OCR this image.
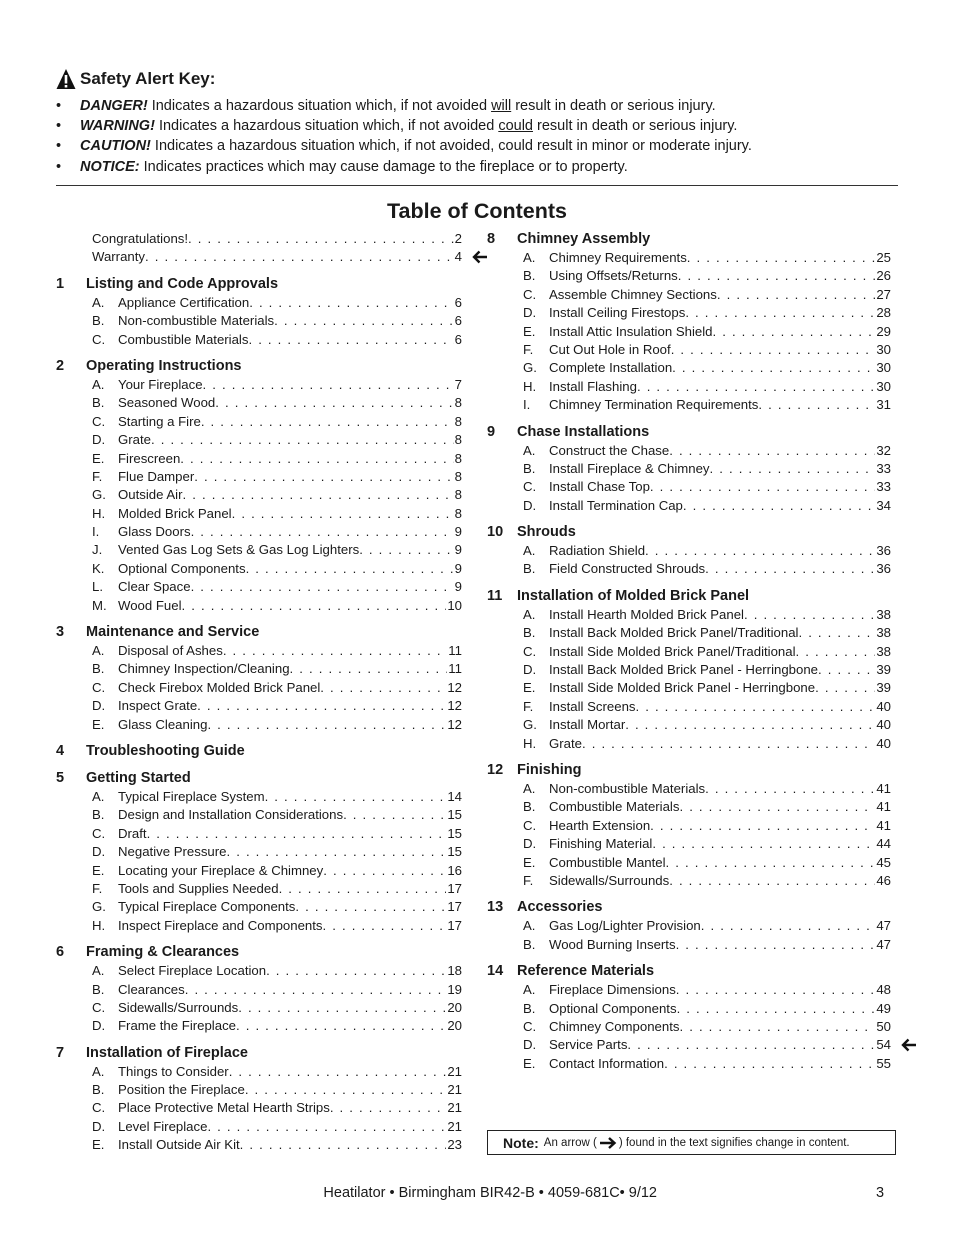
Safety Alert Key:
• DANGER! Indicates a hazardous situation which, if not avoided will result in death or serious injury.
• WARNING! Indicates a hazardous situation which, if not avoided could result in death or serious injury.
• CAUTION! Indicates a hazardous situation which, if not avoided, could result in minor or moderate injury.
• NOTICE: Indicates practices which may cause damage to the fireplace or to property.
Table of Contents
Congratulations! . . .	2
Warranty . . .	4
1	Listing and Code Approvals
A. Appliance Certification . . .	6
B. Non-combustible Materials . . .	6
C. Combustible Materials . . .	6
2	Operating Instructions
A. Your Fireplace . . .	7
B. Seasoned Wood . . .	8
C. Starting a Fire . . .	8
D. Grate . . .	8
E. Firescreen . . .	8
F. Flue Damper . . .	8
G. Outside Air . . .	8
H. Molded Brick Panel . . .	8
I. Glass Doors . . .	9
J. Vented Gas Log Sets & Gas Log Lighters . . .	9
K. Optional Components . . .	9
L. Clear Space . . .	9
M. Wood Fuel . . .	10
3	Maintenance and Service
A. Disposal of Ashes . . .	11
B. Chimney Inspection/Cleaning . . .	11
C. Check Firebox Molded Brick Panel . . .	12
D. Inspect Grate . . .	12
E. Glass Cleaning . . .	12
4	Troubleshooting Guide
5	Getting Started
A. Typical Fireplace System . . .	14
B. Design and Installation Considerations . . .	15
C. Draft . . .	15
D. Negative Pressure . . .	15
E. Locating your Fireplace & Chimney . . .	16
F. Tools and Supplies Needed . . .	17
G. Typical Fireplace Components . . .	17
H. Inspect Fireplace and Components . . .	17
6	Framing & Clearances
A. Select Fireplace Location . . .	18
B. Clearances . . .	19
C. Sidewalls/Surrounds . . .	20
D. Frame the Fireplace . . .	20
7	Installation of Fireplace
A. Things to Consider . . .	21
B. Position the Fireplace . . .	21
C. Place Protective Metal Hearth Strips . . .	21
D. Level Fireplace . . .	21
E. Install Outside Air Kit . . .	23
8	Chimney Assembly
A. Chimney Requirements . . .	25
B. Using Offsets/Returns . . .	26
C. Assemble Chimney Sections . . .	27
D. Install Ceiling Firestops . . .	28
E. Install Attic Insulation Shield . . .	29
F. Cut Out Hole in Roof . . .	30
G. Complete Installation . . .	30
H. Install Flashing . . .	30
I. Chimney Termination Requirements . . .	31
9	Chase Installations
A. Construct the Chase . . .	32
B. Install Fireplace & Chimney . . .	33
C. Install Chase Top . . .	33
D. Install Termination Cap . . .	34
10 Shrouds
A. Radiation Shield . . .	36
B. Field Constructed Shrouds . . .	36
11	Installation of Molded Brick Panel
A. Install Hearth Molded Brick Panel . . .	38
B. Install Back Molded Brick Panel/Traditional . . .	38
C. Install Side Molded Brick Panel/Traditional . . .	38
D. Install Back Molded Brick Panel - Herringbone . . .	39
E. Install Side Molded Brick Panel - Herringbone . . .	39
F. Install Screens . . .	40
G. Install Mortar . . .	40
H. Grate . . .	40
12 Finishing
A. Non-combustible Materials . . .	41
B. Combustible Materials . . .	41
C. Hearth Extension . . .	41
D. Finishing Material . . .	44
E. Combustible Mantel . . .	45
F. Sidewalls/Surrounds . . .	46
13 Accessories
A. Gas Log/Lighter Provision . . .	47
B. Wood Burning Inserts . . .	47
14 Reference Materials
A. Fireplace Dimensions . . .	48
B. Optional Components . . .	49
C. Chimney Components . . .	50
D. Service Parts . . .	54
E. Contact Information . . .	55
Note: An arrow ( ) found in the text signifies change in content.
Heatilator • Birmingham BIR42-B • 4059-681C• 9/12	3
